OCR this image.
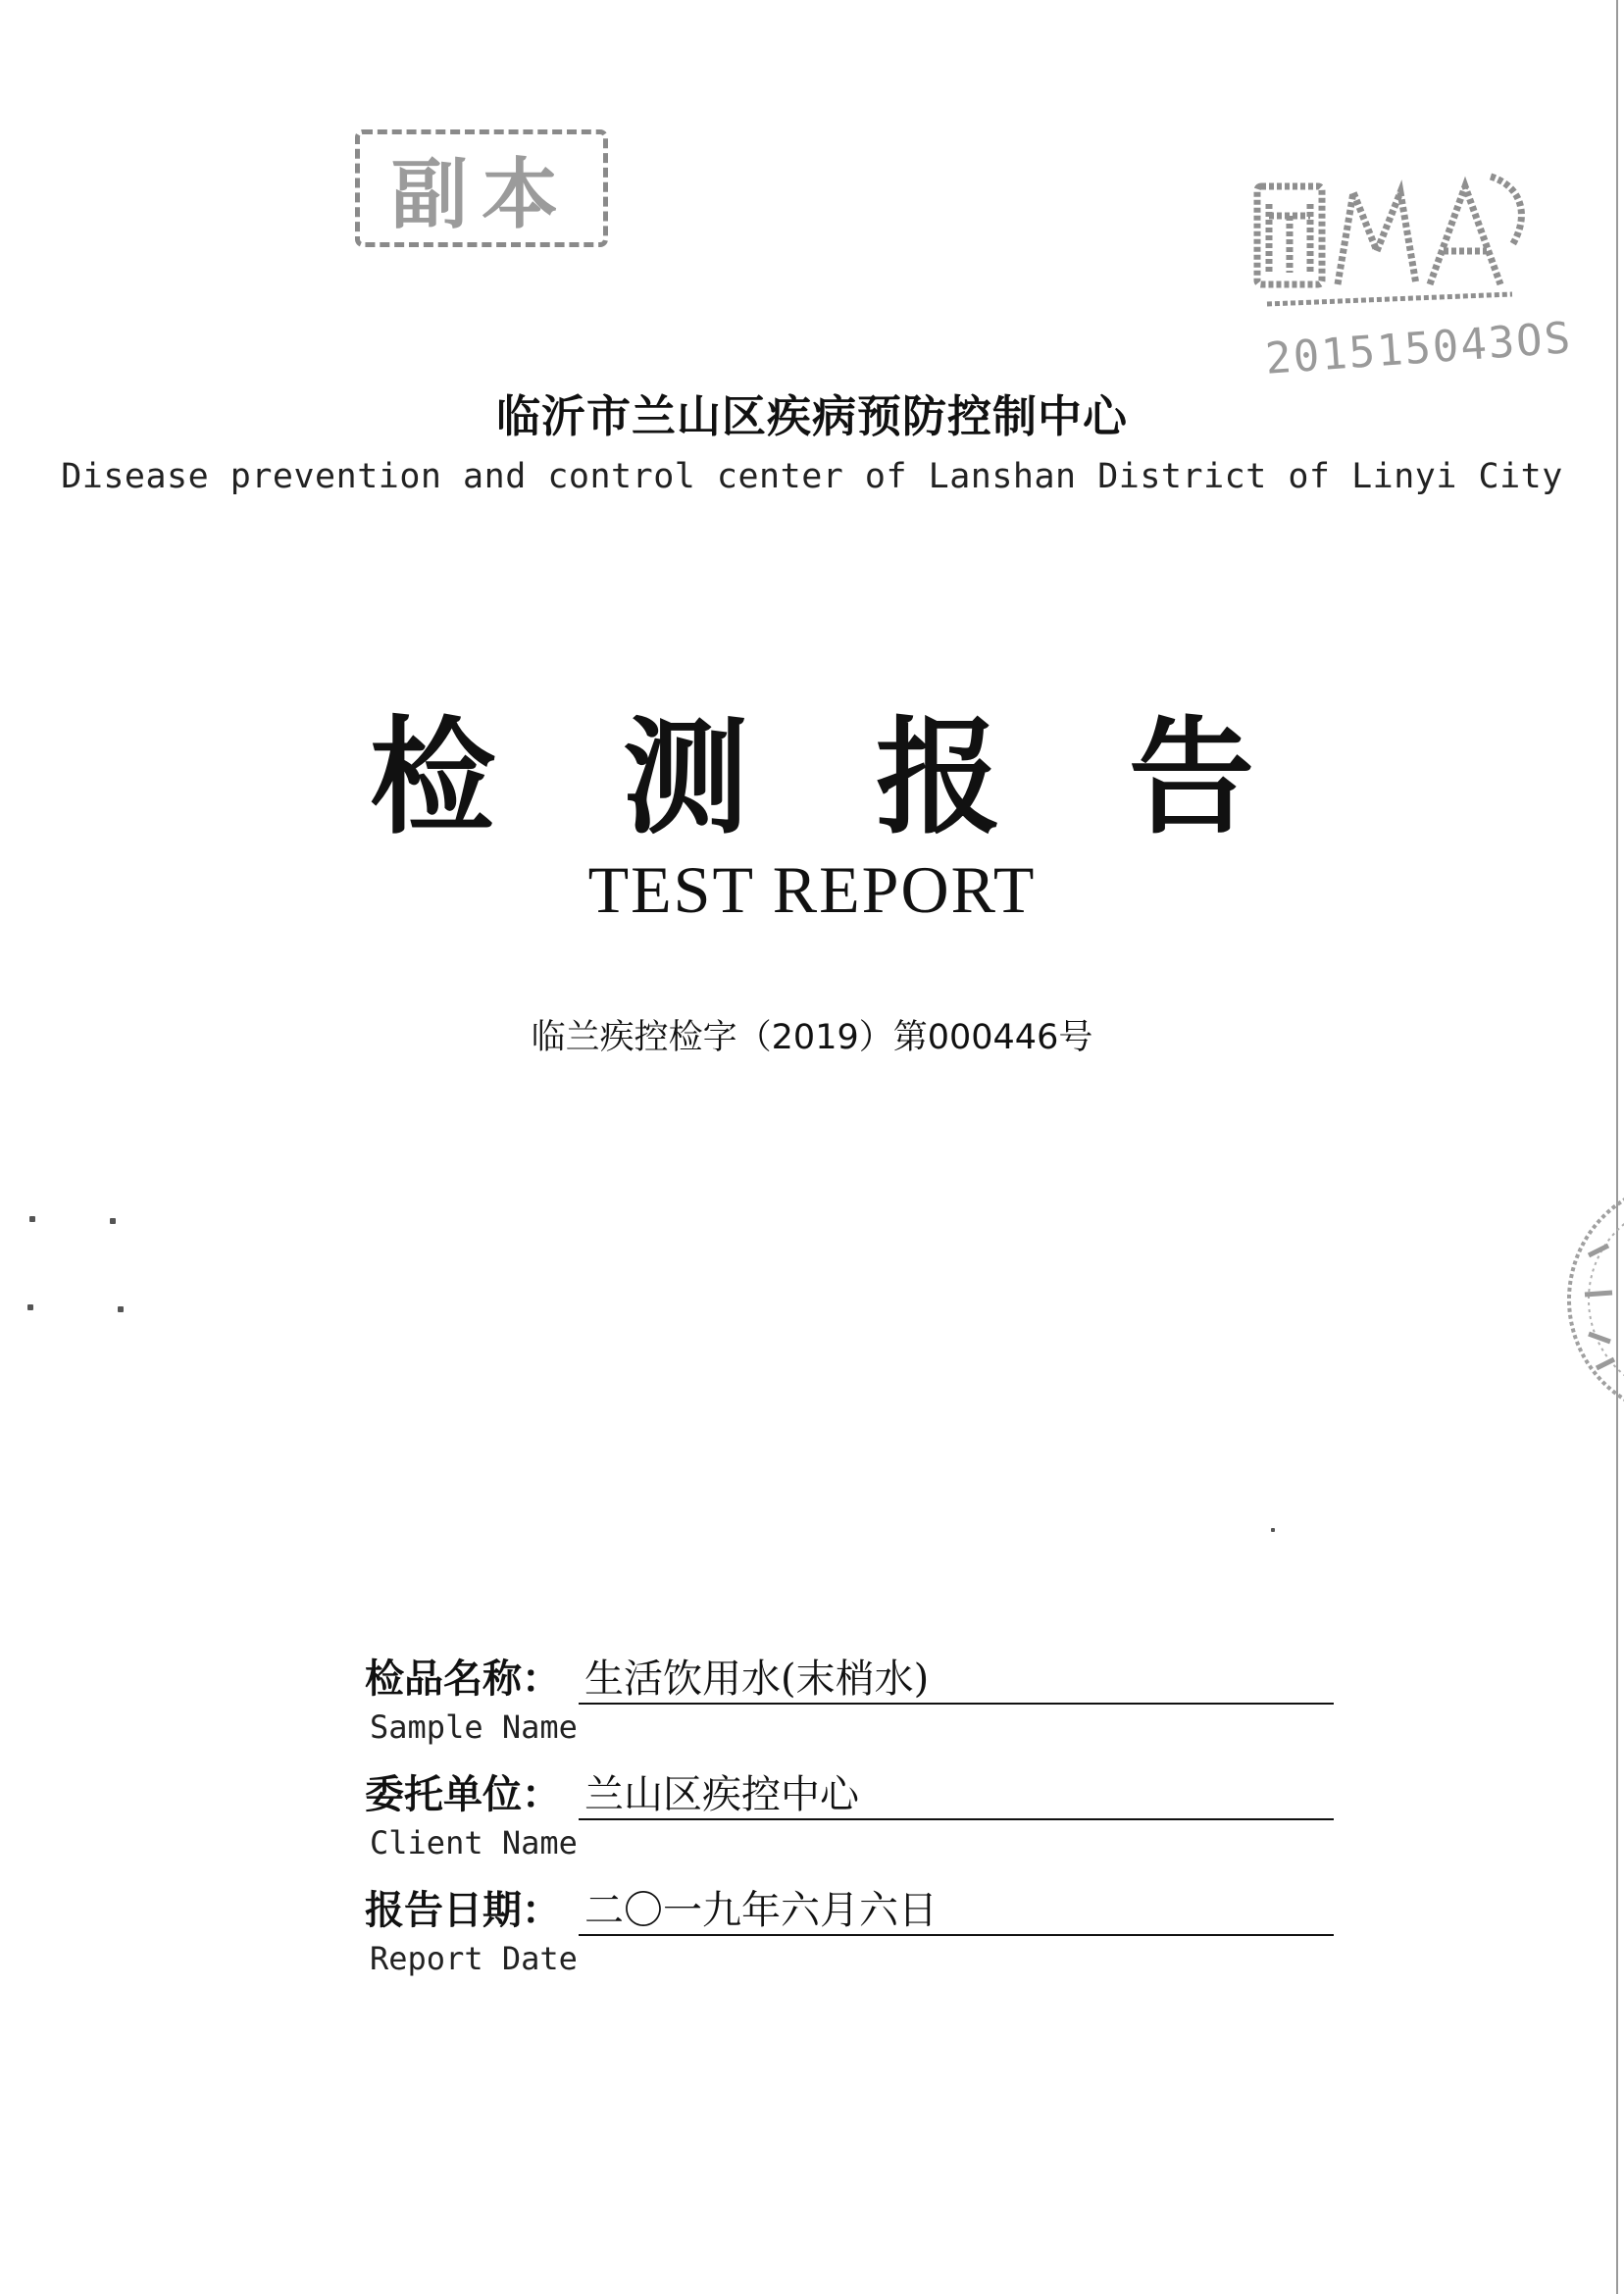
副本
201515043OS
临沂市兰山区疾病预防控制中心
Disease prevention and control center of Lanshan District of Linyi City
检测报告
TEST REPORT
临兰疾控检字（2019）第000446号
检品名称： 生活饮用水(末梢水)
Sample Name
委托单位： 兰山区疾控中心
Client Name
报告日期： 二〇一九年六月六日
Report Date
